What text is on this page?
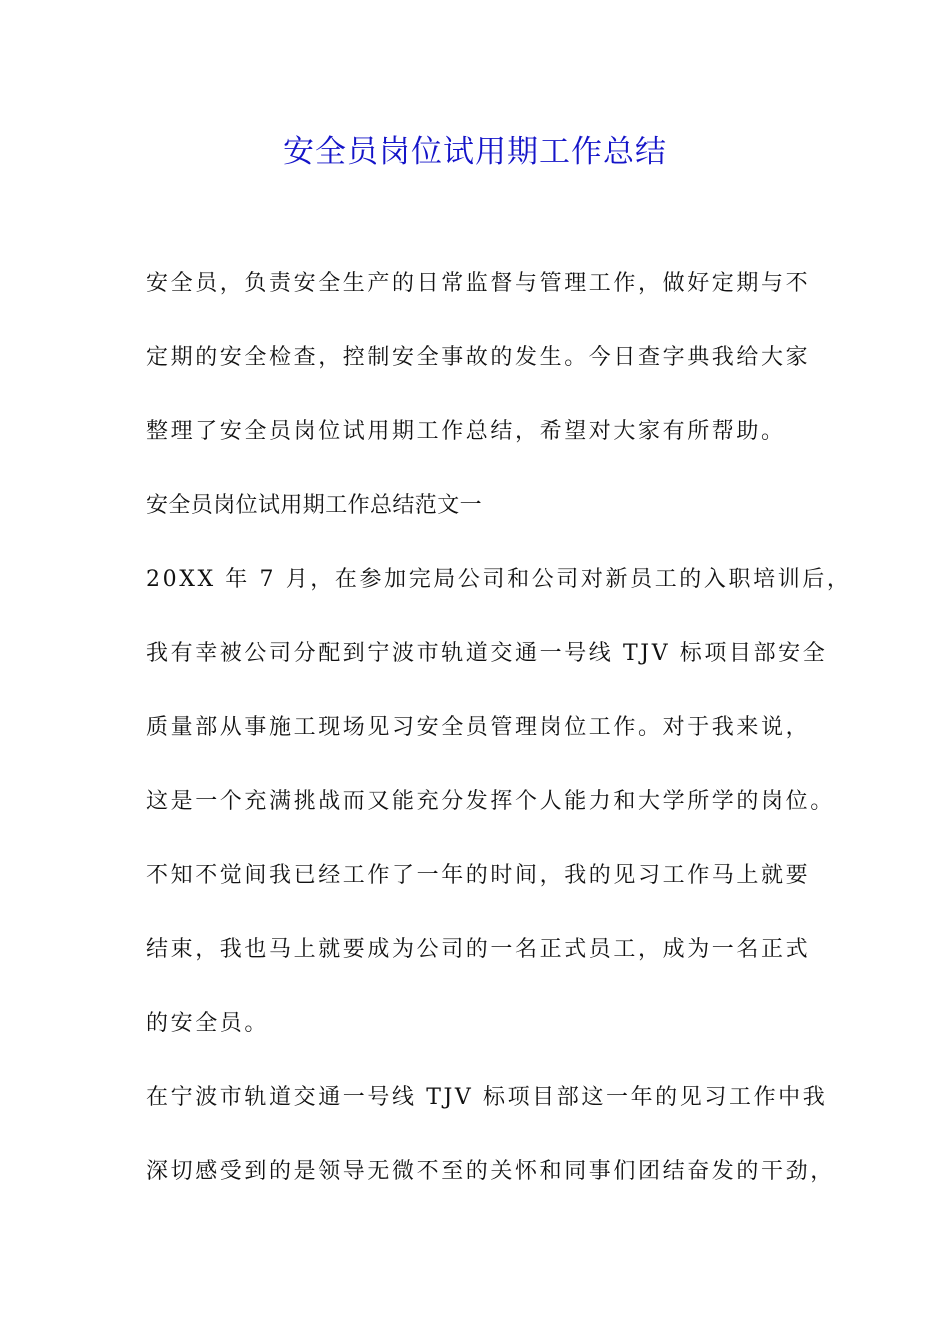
安全员岗位试用期工作总结
安全员，负责安全生产的日常监督与管理工作，做好定期与不
定期的安全检查，控制安全事故的发生。今日查字典我给大家
整理了安全员岗位试用期工作总结，希望对大家有所帮助。
安全员岗位试用期工作总结范文一
20XX 年 7 月，在参加完局公司和公司对新员工的入职培训后，
我有幸被公司分配到宁波市轨道交通一号线 TJV 标项目部安全
质量部从事施工现场见习安全员管理岗位工作。对于我来说，
这是一个充满挑战而又能充分发挥个人能力和大学所学的岗位。
不知不觉间我已经工作了一年的时间，我的见习工作马上就要
结束，我也马上就要成为公司的一名正式员工，成为一名正式
的安全员。
在宁波市轨道交通一号线 TJV 标项目部这一年的见习工作中我
深切感受到的是领导无微不至的关怀和同事们团结奋发的干劲，
